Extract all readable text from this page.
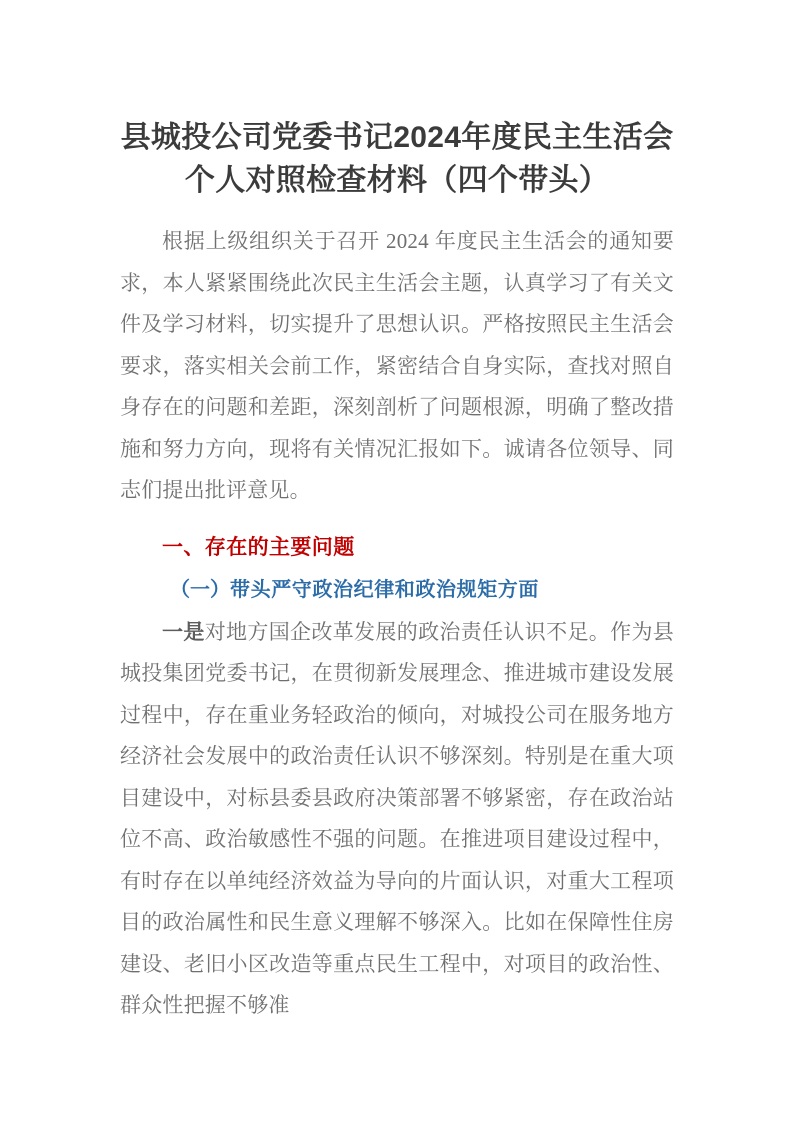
县城投公司党委书记2024年度民主生活会个人对照检查材料（四个带头）

根据上级组织关于召开 2024 年度民主生活会的通知要求，本人紧紧围绕此次民主生活会主题，认真学习了有关文件及学习材料，切实提升了思想认识。严格按照民主生活会要求，落实相关会前工作，紧密结合自身实际，查找对照自身存在的问题和差距，深刻剖析了问题根源，明确了整改措施和努力方向，现将有关情况汇报如下。诚请各位领导、同志们提出批评意见。

一、存在的主要问题
（一）带头严守政治纪律和政治规矩方面

一是对地方国企改革发展的政治责任认识不足。作为县城投集团党委书记，在贯彻新发展理念、推进城市建设发展过程中，存在重业务轻政治的倾向，对城投公司在服务地方经济社会发展中的政治责任认识不够深刻。特别是在重大项目建设中，对标县委县政府决策部署不够紧密，存在政治站位不高、政治敏感性不强的问题。在推进项目建设过程中，有时存在以单纯经济效益为导向的片面认识，对重大工程项目的政治属性和民生意义理解不够深入。比如在保障性住房建设、老旧小区改造等重点民生工程中，对项目的政治性、群众性把握不够准
